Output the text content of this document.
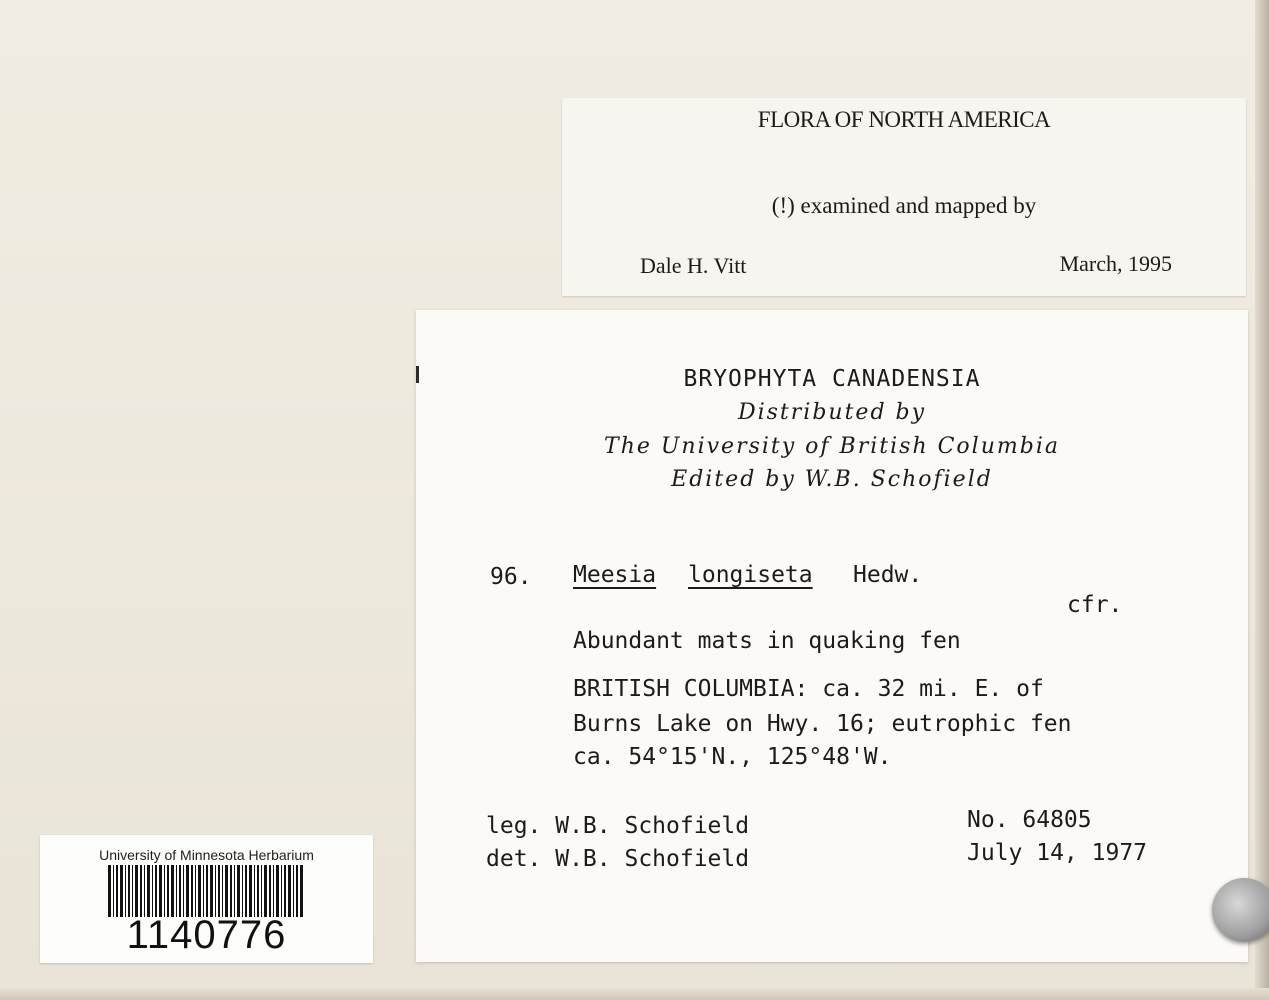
FLORA OF NORTH AMERICA
(!) examined and mapped by
Dale H. Vitt	March, 1995
BRYOPHYTA CANADENSIA
Distributed by
The University of British Columbia
Edited by W.B. Schofield
96. Meesia longiseta Hedw.
cfr.
Abundant mats in quaking fen
BRITISH COLUMBIA: ca. 32 mi. E. of
Burns Lake on Hwy. 16; eutrophic fen
ca. 54°15'N., 125°48'W.
leg. W.B. Schofield
det. W.B. Schofield
No. 64805
July 14, 1977
University of Minnesota Herbarium
1140776
